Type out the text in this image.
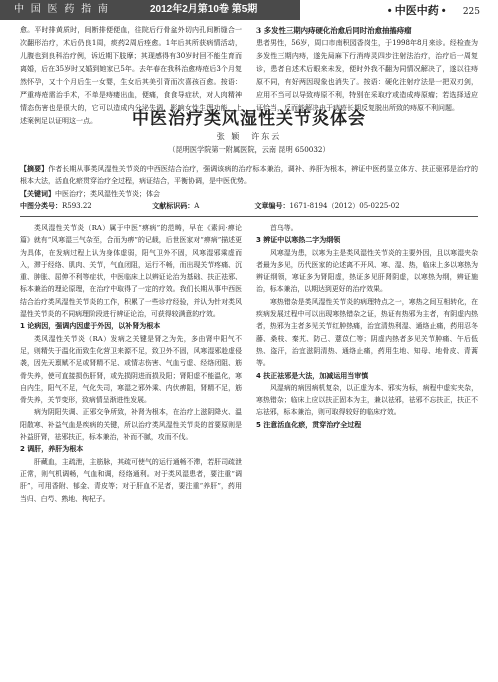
中 国 医 药 指 南	2012年2月第10卷 第5期	• 中医中药 • 225
愈。平时排黄质时，间断排便便血，往院后行骨盆外切内孔间断缝合一次翻形治疗，术后仍良1周，痰药2周后痊愈。1年后其所获病情活动，儿腹也到良科治疗例，诉近期下肢摩；其现感得有30岁时回不能生育而离婚，后在35岁时又婚到她家已5年。去年春在我科治愈痔疮后3个月复然怀孕，又十个月后生一女婴，生女后其美引背而次喜孩百愈。按语：严重痔疮需治手术，不单是痔瘘出血，便痛，食食导症状，对人肉精神情态伤害也是很大的，它可以造成内分泌失调，影响女性生理功能，上述案例足以证明这一点。
3 多发性三期内痔硬化治愈后同时治愈抽搐痔瘤
患者男性，56岁，周口市南积园香岗生，于1998年8月来诊。经检查为多发性三期内痔，遂先局麻下行消痔灵四步注射法治疗，治疗后一周复诊，患者自述术后眼来未发，便时外我不翻为同情况解决了，遂以往痔原不同，有好两因现象也消失了。按语：硬化注射疗法是一把双刃剑，应用不当可以导致痔原不利，特别在采取疗或造成痔原瘤；若选择适应证恰当，反而能解决由于痔疮长期反复脱出所致的痔原不利问题。
中医治疗类风湿性关节炎体会
张 颖　许东云
（昆明医学院第一附属医院，云南 昆明 650032）
【摘要】作者长期从事类风湿性关节炎的中西医结合治疗，强调该病的治疗标本兼治，调补、养肝为根本，辨证中医药显立体方、扶正驱邪是治疗的根本大法，活血化瘀贯穿治疗全过程，病证结合，平衡协调，是中医优势。
【关键词】中医治疗；类风湿性关节炎；体会
中图分类号：R593.22	文献标识码：A	文章编号：1671-8194（2012）05-0225-02

类风湿性关节炎（RA）属于中医“痹病”的范畴，早在《素问·痹论篇》就有“风寒湿三气杂至，合而为痹”的记载，后世医家对“痹病”描述更为具体，在发病过程上认为身体虚弱，阳气卫外不固，风寒湿邪乘虚而入，滞于经络、肌肉、关节，气血闭阻，运行不畅，而出现关节疼痛、沉重、肿胀、屈伸不利等症状，中医临床上以辨证论治为基础、扶正祛邪、标本兼治的理论原理，在治疗中取得了一定的疗效。我们长期从事中西医结合治疗类风湿性关节炎的工作，积累了一些诊疗经验，并认为针对类风湿性关节炎的不同病理阶段进行辨证论治，可获得较满意的疗效。

1 论病因，强调内因虚于外因，以补肾为根本

类风湿性关节炎（RA）发病之关键是肾之为先，多由肾中阳气不足，则精失于温化而致生化营卫来源不足，致卫外不固，风寒湿邪趁虚侵袭，因先天禀赋不足或肾精不足、或情志伤害、气血亏虚、经络闭阻、筋骨失养，使可直接损伤肝肾，或先损阴进而损及阳；肾阳虚不能温化，寒自内生，阳气不足，气化失司，寒湿之邪外乘、内伏痹阻，肾精不足，筋骨失养，关节变形，致病情呈渐进性发展。

病为阴阳失调、正邪交争所致，补肾为根本，在治疗上滋阴降火、温阳散寒、补益气血是疾病的关键，所以治疗类风湿性关节炎的首要原则是补益肝肾，祛邪扶正，标本兼治，补而不腻，攻而不伐。

2 调肝，养肝为根本

肝藏血，主疏泄，主筋脉，其疏可使气的运行通畅不滞，若肝司疏泄正常，则气机调畅，气血和调，经络通利。对于类风湿患者，要注重“调肝”，可用香附、郁金、青皮等；对于肝血不足者，要注重“养肝”，药用当归、白芍、熟地、枸杞子。

首乌等。

3 辨证中以寒热二字为纲领

风寒湿为患，以寒为主是类风湿性关节炎的主要外因，且以寒湿夹杂者最为多见，历代医家的论述离不开风、寒、湿、热，临床上多以寒热为辨证纲领，寒证多为肾阳虚，热证多见肝肾阴虚，以寒热为纲，辨证施治，标本兼治，以期达到更好的治疗效果。

寒热错杂是类风湿性关节炎的病理特点之一，寒热之间互相转化，在疾病发展过程中可以出现寒热错杂之证，热证有热邪为主者，有阴虚内热者，热邪为主者多见关节红肿热痛，治宜清热利湿、通络止痛，药用忍冬藤、桑枝、秦艽、防己、薏苡仁等；阴虚内热者多见关节肿痛、午后低热、盗汗，治宜滋阴清热、通络止痛，药用生地、知母、地骨皮、青蒿等。

4 扶正祛邪是大法，加减运用当审慎

风湿病的病因病机复杂，以正虚为本、邪实为标，病程中虚实夹杂，寒热错杂；临床上应以扶正固本为主，兼以祛邪，祛邪不忘扶正，扶正不忘祛邪，标本兼治，则可取得较好的临床疗效。

5 注意活血化瘀，贯穿治疗全过程
